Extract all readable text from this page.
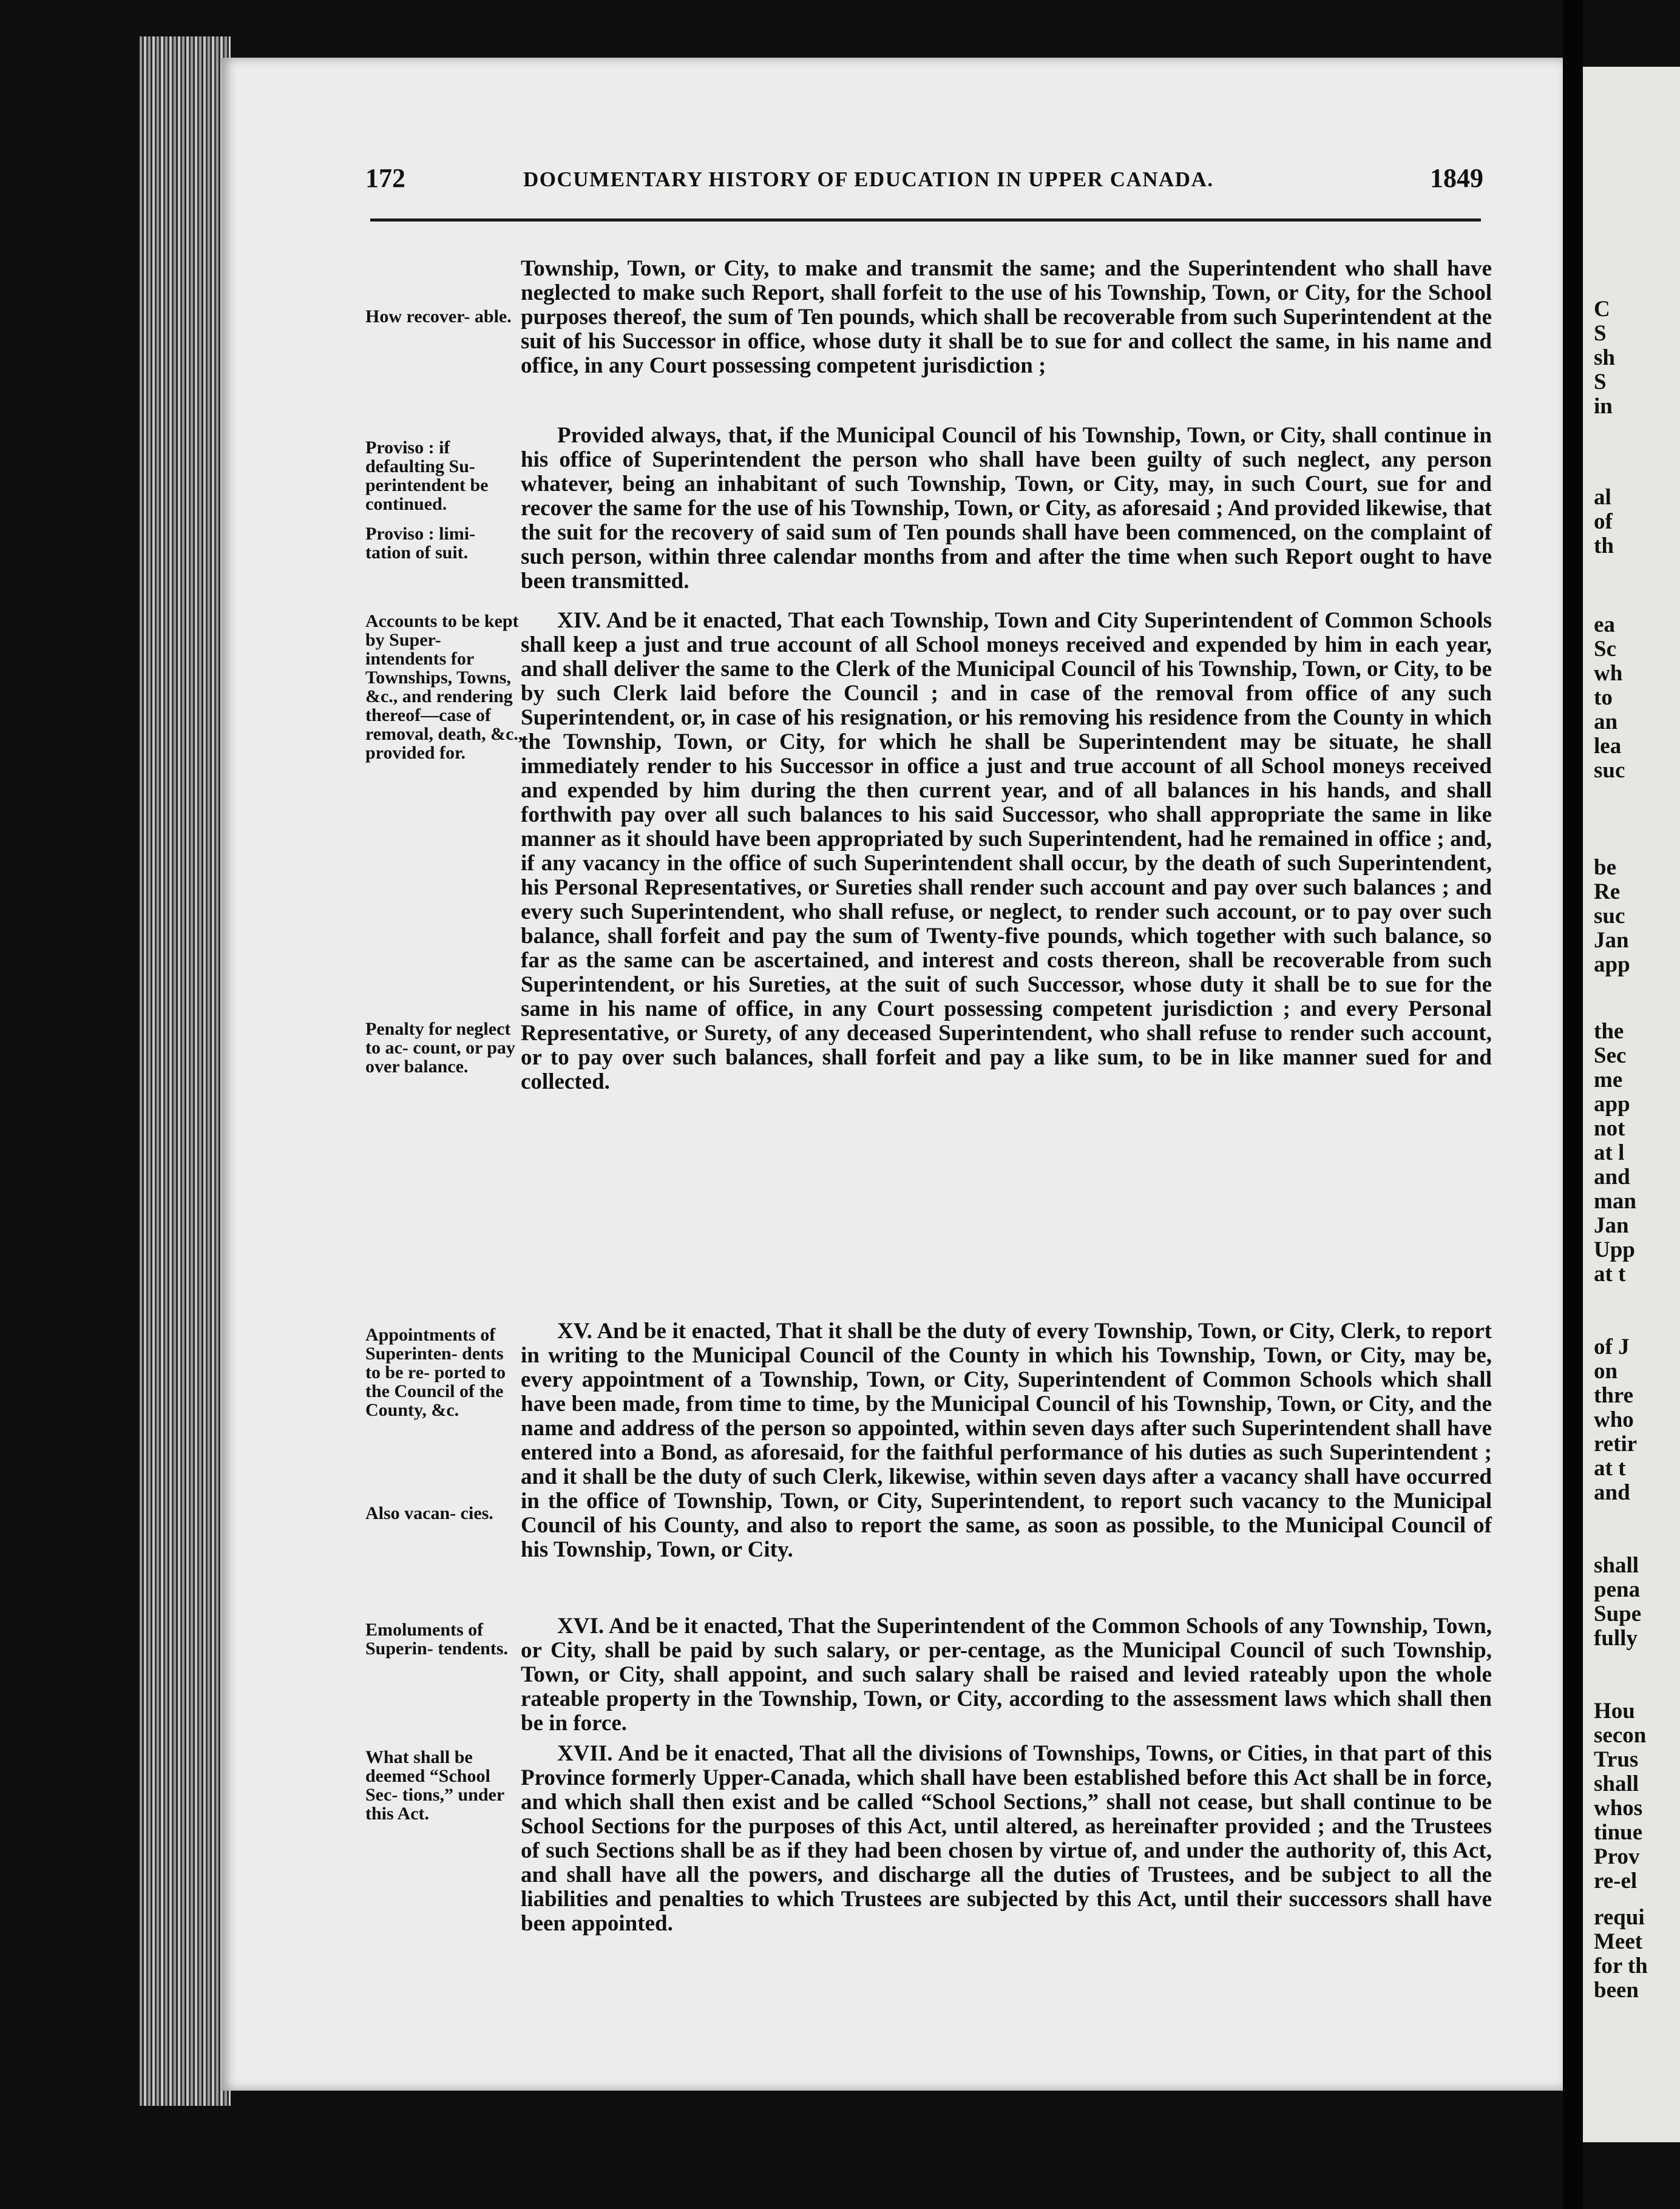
172	DOCUMENTARY HISTORY OF EDUCATION IN UPPER CANADA.	1849
How recover- able.
Proviso : if defaulting Su- perintendent be continued.
Proviso : limi- tation of suit.
Accounts to be kept by Super- intendents for Townships, Towns, &c., and rendering thereof—case of removal, death, &c., provided for.
Penalty for neglect to ac- count, or pay over balance.
Appointments of Superinten- dents to be re- ported to the Council of the County, &c.
Also vacan- cies.
Emoluments of Superin- tendents.
What shall be deemed “School Sec- tions,” under this Act.

Township, Town, or City, to make and transmit the same; and the Superintendent who shall have neglected to make such Report, shall forfeit to the use of his Township, Town, or City, for the School purposes thereof, the sum of Ten pounds, which shall be recoverable from such Superintendent at the suit of his Successor in office, whose duty it shall be to sue for and collect the same, in his name and office, in any Court possessing competent jurisdiction ;

Provided always, that, if the Municipal Council of his Township, Town, or City, shall continue in his office of Superintendent the person who shall have been guilty of such neglect, any person whatever, being an inhabitant of such Township, Town, or City, may, in such Court, sue for and recover the same for the use of his Township, Town, or City, as aforesaid ; And provided likewise, that the suit for the recovery of said sum of Ten pounds shall have been commenced, on the complaint of such person, within three calendar months from and after the time when such Report ought to have been transmitted.

XIV. And be it enacted, That each Township, Town and City Superintendent of Common Schools shall keep a just and true account of all School moneys received and expended by him in each year, and shall deliver the same to the Clerk of the Municipal Council of his Township, Town, or City, to be by such Clerk laid before the Council ; and in case of the removal from office of any such Superintendent, or, in case of his resignation, or his removing his residence from the County in which the Township, Town, or City, for which he shall be Superintendent may be situate, he shall immediately render to his Successor in office a just and true account of all School moneys received and expended by him during the then current year, and of all balances in his hands, and shall forthwith pay over all such balances to his said Successor, who shall appropriate the same in like manner as it should have been appropriated by such Superintendent, had he remained in office ; and, if any vacancy in the office of such Superintendent shall occur, by the death of such Superintendent, his Personal Representatives, or Sureties shall render such account and pay over such balances ; and every such Superintendent, who shall refuse, or neglect, to render such account, or to pay over such balance, shall forfeit and pay the sum of Twenty-five pounds, which together with such balance, so far as the same can be ascertained, and interest and costs thereon, shall be recoverable from such Superintendent, or his Sureties, at the suit of such Successor, whose duty it shall be to sue for the same in his name of office, in any Court possessing competent jurisdiction ; and every Personal Representative, or Surety, of any deceased Superintendent, who shall refuse to render such account, or to pay over such balances, shall forfeit and pay a like sum, to be in like manner sued for and collected.

XV. And be it enacted, That it shall be the duty of every Township, Town, or City, Clerk, to report in writing to the Municipal Council of the County in which his Township, Town, or City, may be, every appointment of a Township, Town, or City, Superintendent of Common Schools which shall have been made, from time to time, by the Municipal Council of his Township, Town, or City, and the name and address of the person so appointed, within seven days after such Superintendent shall have entered into a Bond, as aforesaid, for the faithful performance of his duties as such Superintendent ; and it shall be the duty of such Clerk, likewise, within seven days after a vacancy shall have occurred in the office of Township, Town, or City, Superintendent, to report such vacancy to the Municipal Council of his County, and also to report the same, as soon as possible, to the Municipal Council of his Township, Town, or City.

XVI. And be it enacted, That the Superintendent of the Common Schools of any Township, Town, or City, shall be paid by such salary, or per-centage, as the Municipal Council of such Township, Town, or City, shall appoint, and such salary shall be raised and levied rateably upon the whole rateable property in the Township, Town, or City, according to the assessment laws which shall then be in force.

XVII. And be it enacted, That all the divisions of Townships, Towns, or Cities, in that part of this Province formerly Upper-Canada, which shall have been established before this Act shall be in force, and which shall then exist and be called “School Sections,” shall not cease, but shall continue to be School Sections for the purposes of this Act, until altered, as hereinafter provided ; and the Trustees of such Sections shall be as if they had been chosen by virtue of, and under the authority of, this Act, and shall have all the powers, and discharge all the duties of Trustees, and be subject to all the liabilities and penalties to which Trustees are subjected by this Act, until their successors shall have been appointed.

C
S
sh
S
in
al
of
th
ea
Sc
wh
to
an
lea
suc
be
Re
suc
Jan
app
the
Sec
me
app
not
at l
and
man
Jan
Upp
at t
of J
on
thre
who
retir
at t
and
shall
pena
Supe
fully
Hou
secon
Trus
shall
whos
tinue
Prov
re-el
requi
Meet
for th
been
